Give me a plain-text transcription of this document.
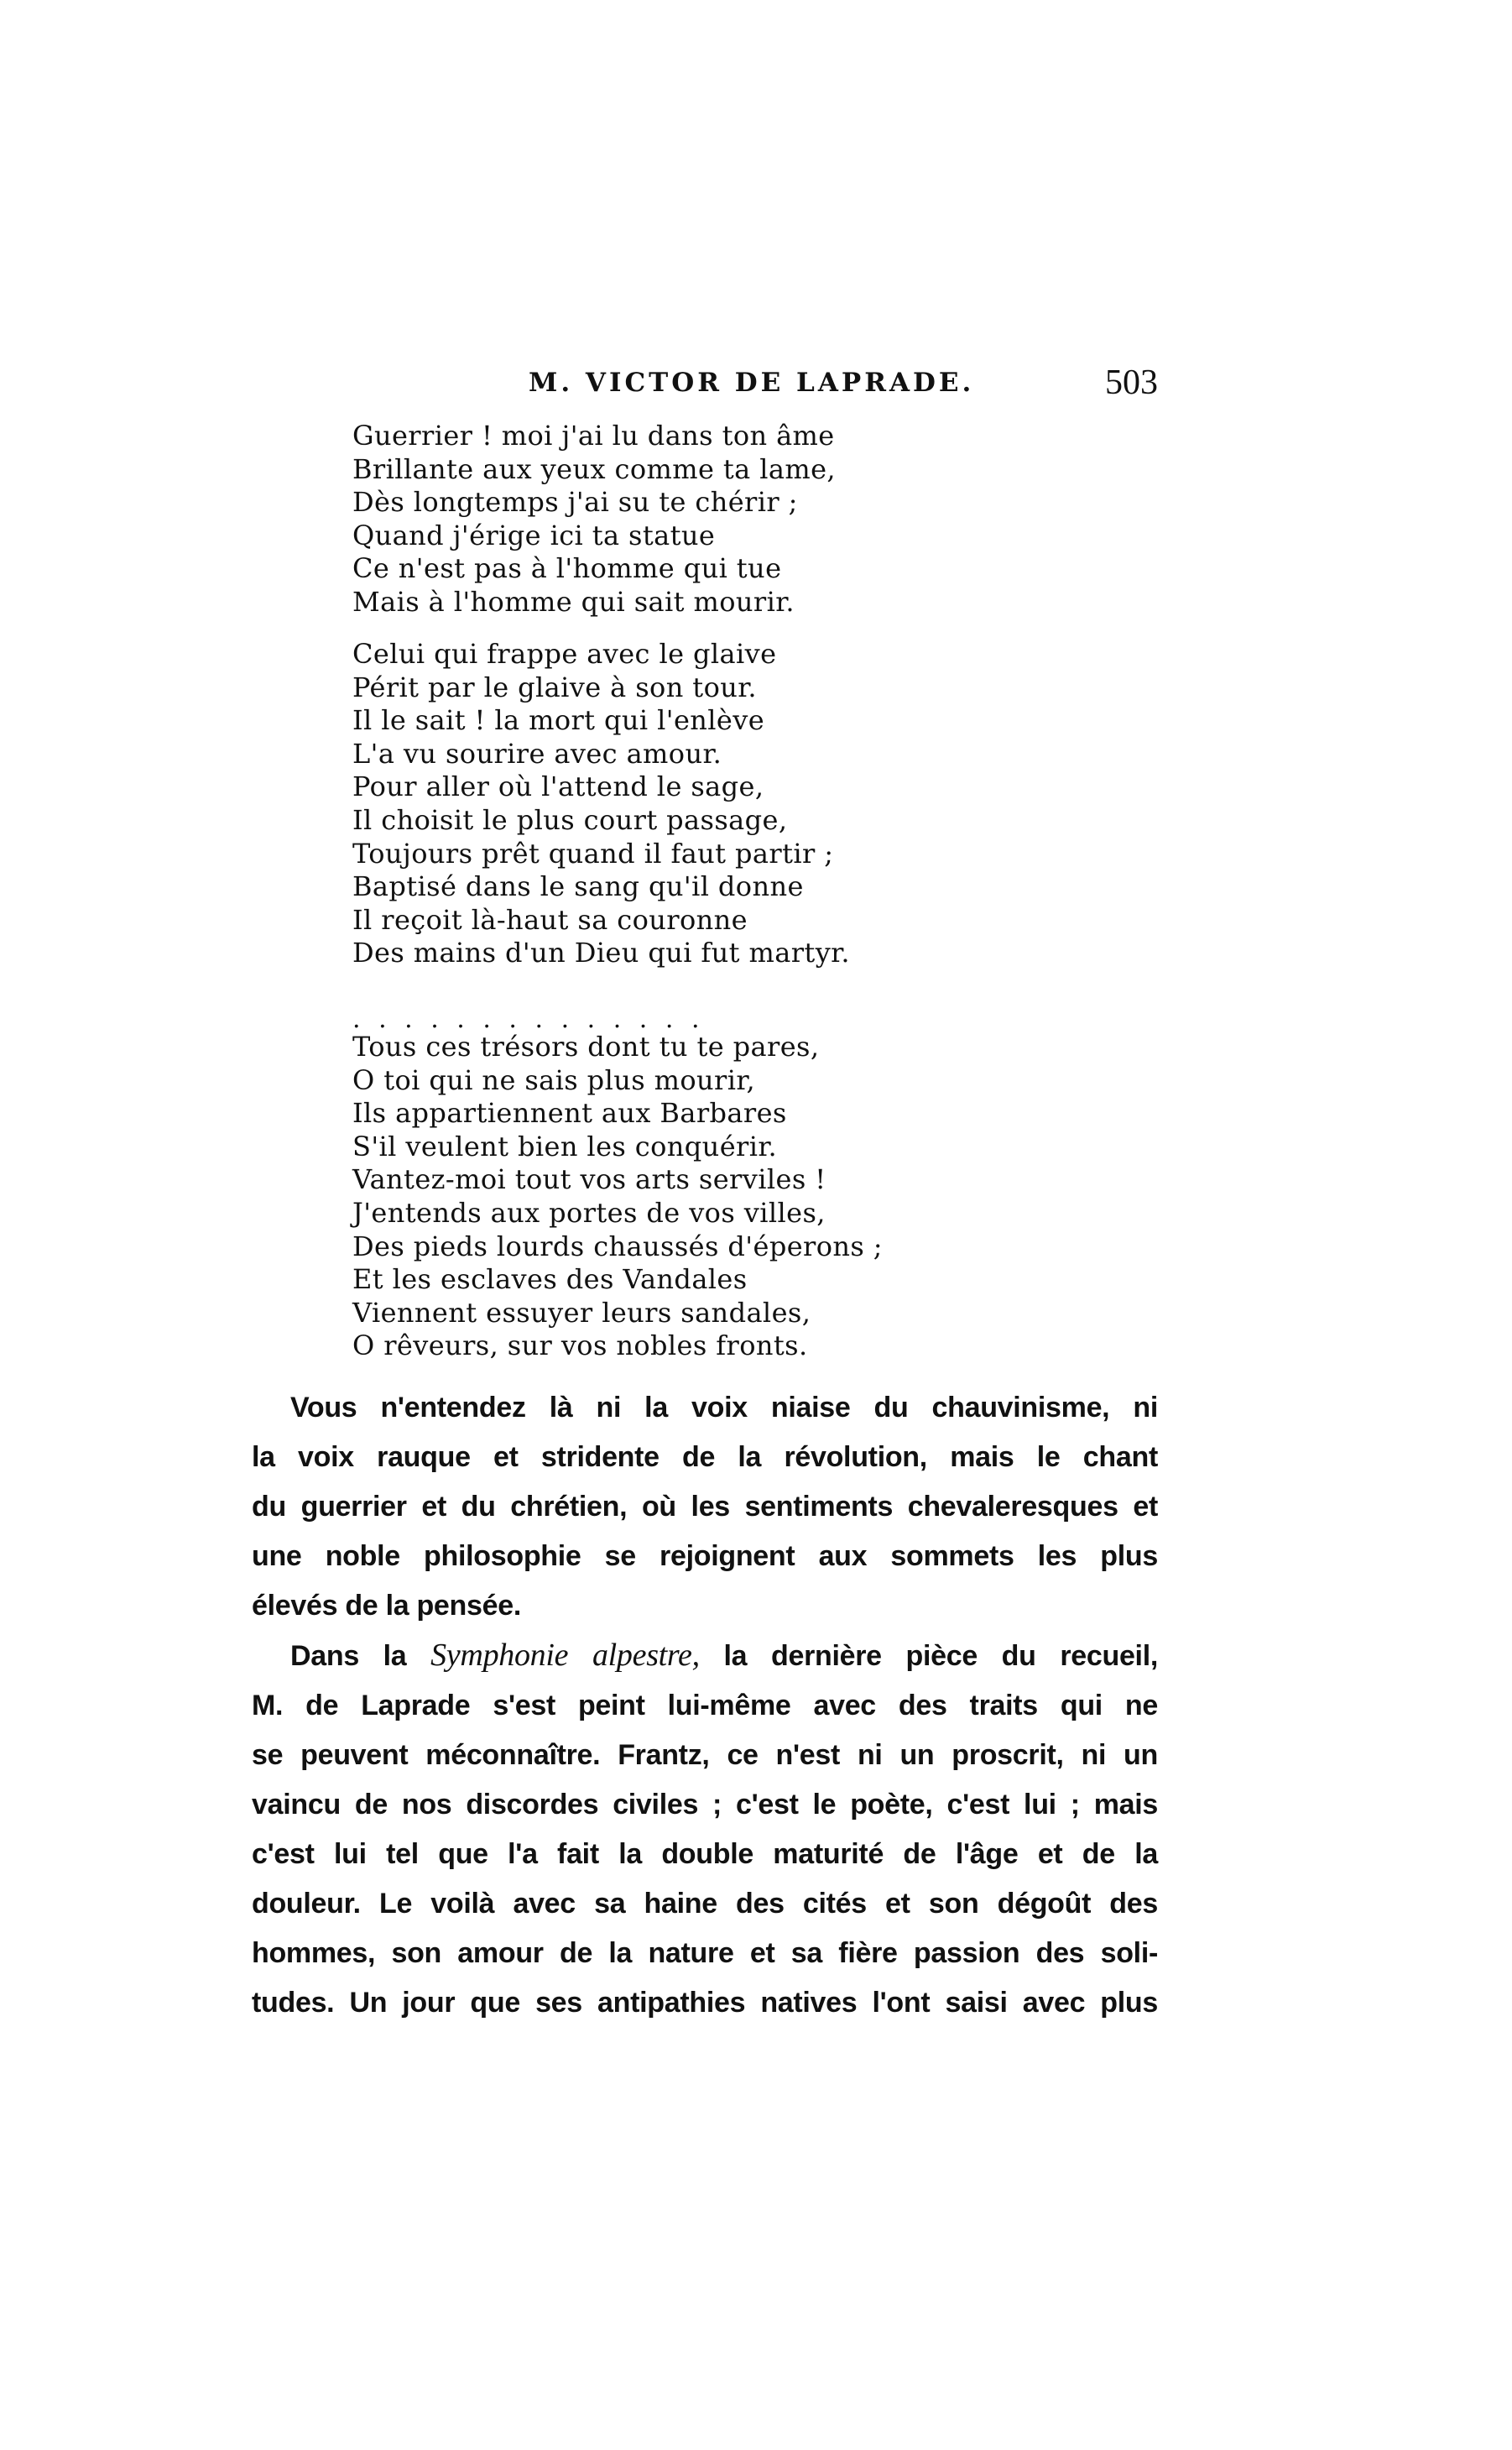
M. VICTOR DE LAPRADE.	503
Guerrier ! moi j'ai lu dans ton âme
Brillante aux yeux comme ta lame,
Dès longtemps j'ai su te chérir ;
Quand j'érige ici ta statue
Ce n'est pas à l'homme qui tue
Mais à l'homme qui sait mourir.
Celui qui frappe avec le glaive
Périt par le glaive à son tour.
Il le sait ! la mort qui l'enlève
L'a vu sourire avec amour.
Pour aller où l'attend le sage,
Il choisit le plus court passage,
Toujours prêt quand il faut partir ;
Baptisé dans le sang qu'il donne
Il reçoit là-haut sa couronne
Des mains d'un Dieu qui fut martyr.
. . . . . . . . . . . . . .
Tous ces trésors dont tu te pares,
O toi qui ne sais plus mourir,
Ils appartiennent aux Barbares
S'il veulent bien les conquérir.
Vantez-moi tout vos arts serviles !
J'entends aux portes de vos villes,
Des pieds lourds chaussés d'éperons ;
Et les esclaves des Vandales
Viennent essuyer leurs sandales,
O rêveurs, sur vos nobles fronts.
Vous n'entendez là ni la voix niaise du chauvinisme, ni
la voix rauque et stridente de la révolution, mais le chant
du guerrier et du chrétien, où les sentiments chevaleresques et
une noble philosophie se rejoignent aux sommets les plus
élevés de la pensée.
Dans la Symphonie alpestre, la dernière pièce du recueil,
M. de Laprade s'est peint lui-même avec des traits qui ne
se peuvent méconnaître. Frantz, ce n'est ni un proscrit, ni un
vaincu de nos discordes civiles ; c'est le poète, c'est lui ; mais
c'est lui tel que l'a fait la double maturité de l'âge et de la
douleur. Le voilà avec sa haine des cités et son dégoût des
hommes, son amour de la nature et sa fière passion des soli-
tudes. Un jour que ses antipathies natives l'ont saisi avec plus
